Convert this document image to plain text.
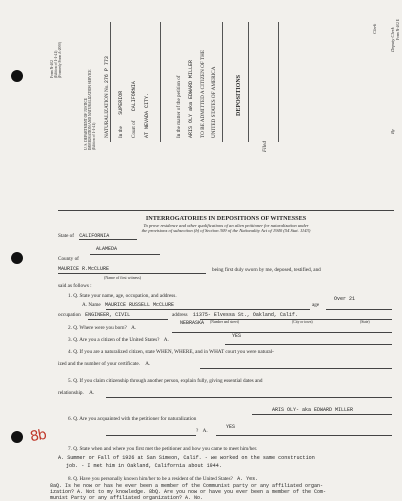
Form N-402 (Edition of 1-1-41) (Formerly Form A-2000)
U. S. DEPARTMENT OF JUSTICE IMMIGRATION AND NATURALIZATION SERVICE (Edition of 1-1-41) NATURALIZATION No. 276 P 773
In the SUPERIOR
Court of CALIFORNIA AT NEVADA CITY.	In the matter of the petition of ARIS OLY aka EDWARD MILLER TO BE ADMITTED A CITIZEN OF THE UNITED STATES OF AMERICA	DEPOSITIONS
Filed
Clerk	Deputy Clerk
By
Form N-402 E
INTERROGATORIES IN DEPOSITIONS OF WITNESSES
To prove residence and other qualifications of an alien petitioner for naturalization under
the provisions of subsection (b) of Section 309 of the Nationality Act of 1940 (54 Stat. 1143)
State of CALIFORNIA
ALAMEDA
County of
MAURICE R.McCLURE	being first duly sworn by me, deposed, testified, and
(Name of first witness)
said as follows :
1. Q. State your name, age, occupation, and address.
A. Name MAURICE RUSSELL McCLURE	age
Over 21
occupation ENGINEER, CIVIL	address 11375- Elvessa St., Oakland, Calif.
(Number and street)	(City or town)	(State)
2. Q. Where were you born? A.
NEBRASKA
3. Q. Are you a citizen of the United States? A.
YES
4. Q. If you are a naturalized citizen, state WHEN, WHERE, and in WHAT court you were natural-
ized and the number of your certificate. A.
5. Q. If you claim citizenship through another person, explain fully, giving essential dates and
relationship. A.
ARIS OLY- aka EDWARD MILLER
6. Q. Are you acquainted with the petitioner for naturalization
? A.
YES
7. Q. State when and where you first met the petitioner and how you came to meet him/her.
A. Summer or Fall of 1926 at San Simeon, Calif. - we worked on the same construction
job. - I met him in Oakland, California about 1944.
8. Q. Have you personally known him/her to be a resident of the United States? A. Yes.
8aQ. Is he now or has he ever been a member of the Communist party or any affiliated organ-
ization? A. Not to my knowledge. 8bQ. Are you now or have you ever been a member of the Com-
munist Party or any affiliated organization? A. No.
8b
